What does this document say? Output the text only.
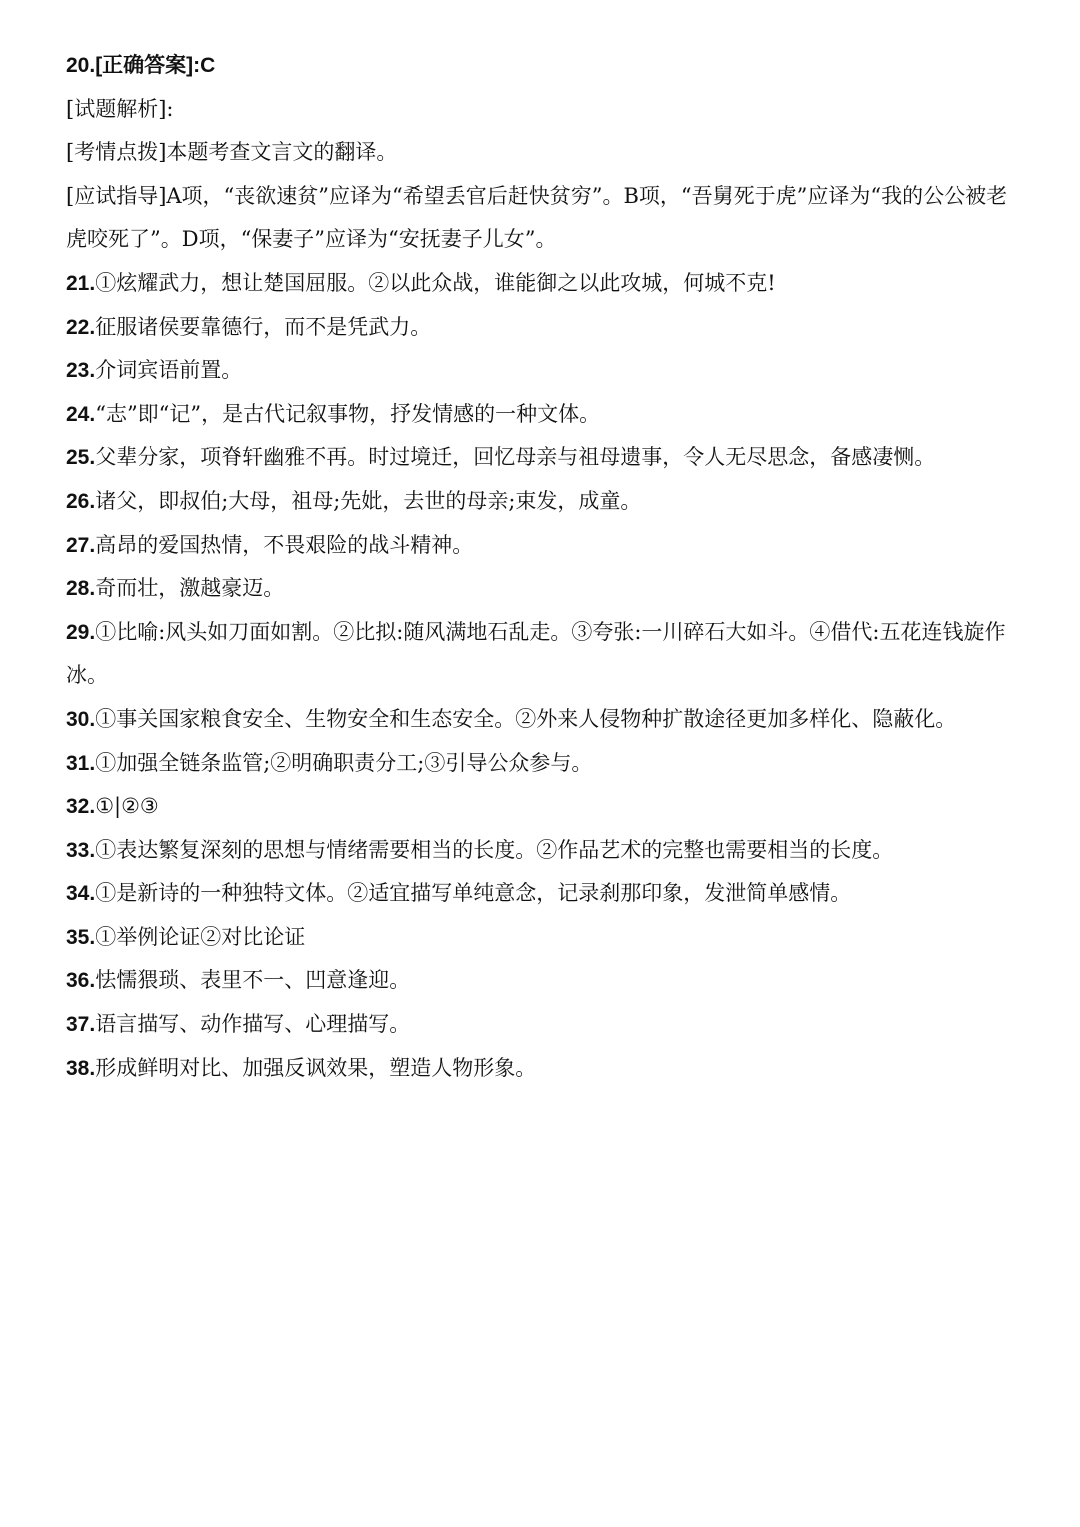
20.[正确答案]:C
[试题解析]:
[考情点拨]本题考查文言文的翻译。
[应试指导]A项，“丧欲速贫”应译为“希望丢官后赶快贫穷”。B项，“吾舅死于虎”应译为“我的公公被老虎咬死了”。D项，“保妻子”应译为“安抚妻子儿女”。
21.①炫耀武力，想让楚国屈服。②以此众战，谁能御之以此攻城，何城不克!
22.征服诸侯要靠德行，而不是凭武力。
23.介词宾语前置。
24.“志”即“记”，是古代记叙事物，抒发情感的一种文体。
25.父辈分家，项脊轩幽雅不再。时过境迁，回忆母亲与祖母遗事，令人无尽思念，备感凄恻。
26.诸父，即叔伯;大母，祖母;先妣，去世的母亲;束发，成童。
27.高昂的爱国热情，不畏艰险的战斗精神。
28.奇而壮，激越豪迈。
29.①比喻:风头如刀面如割。②比拟:随风满地石乱走。③夸张:一川碎石大如斗。④借代:五花连钱旋作冰。
30.①事关国家粮食安全、生物安全和生态安全。②外来人侵物种扩散途径更加多样化、隐蔽化。
31.①加强全链条监管;②明确职责分工;③引导公众参与。
32.①|②③
33.①表达繁复深刻的思想与情绪需要相当的长度。②作品艺术的完整也需要相当的长度。
34.①是新诗的一种独特文体。②适宜描写单纯意念，记录刹那印象，发泄简单感情。
35.①举例论证②对比论证
36.怯懦猥琐、表里不一、凹意逢迎。
37.语言描写、动作描写、心理描写。
38.形成鲜明对比、加强反讽效果，塑造人物形象。
